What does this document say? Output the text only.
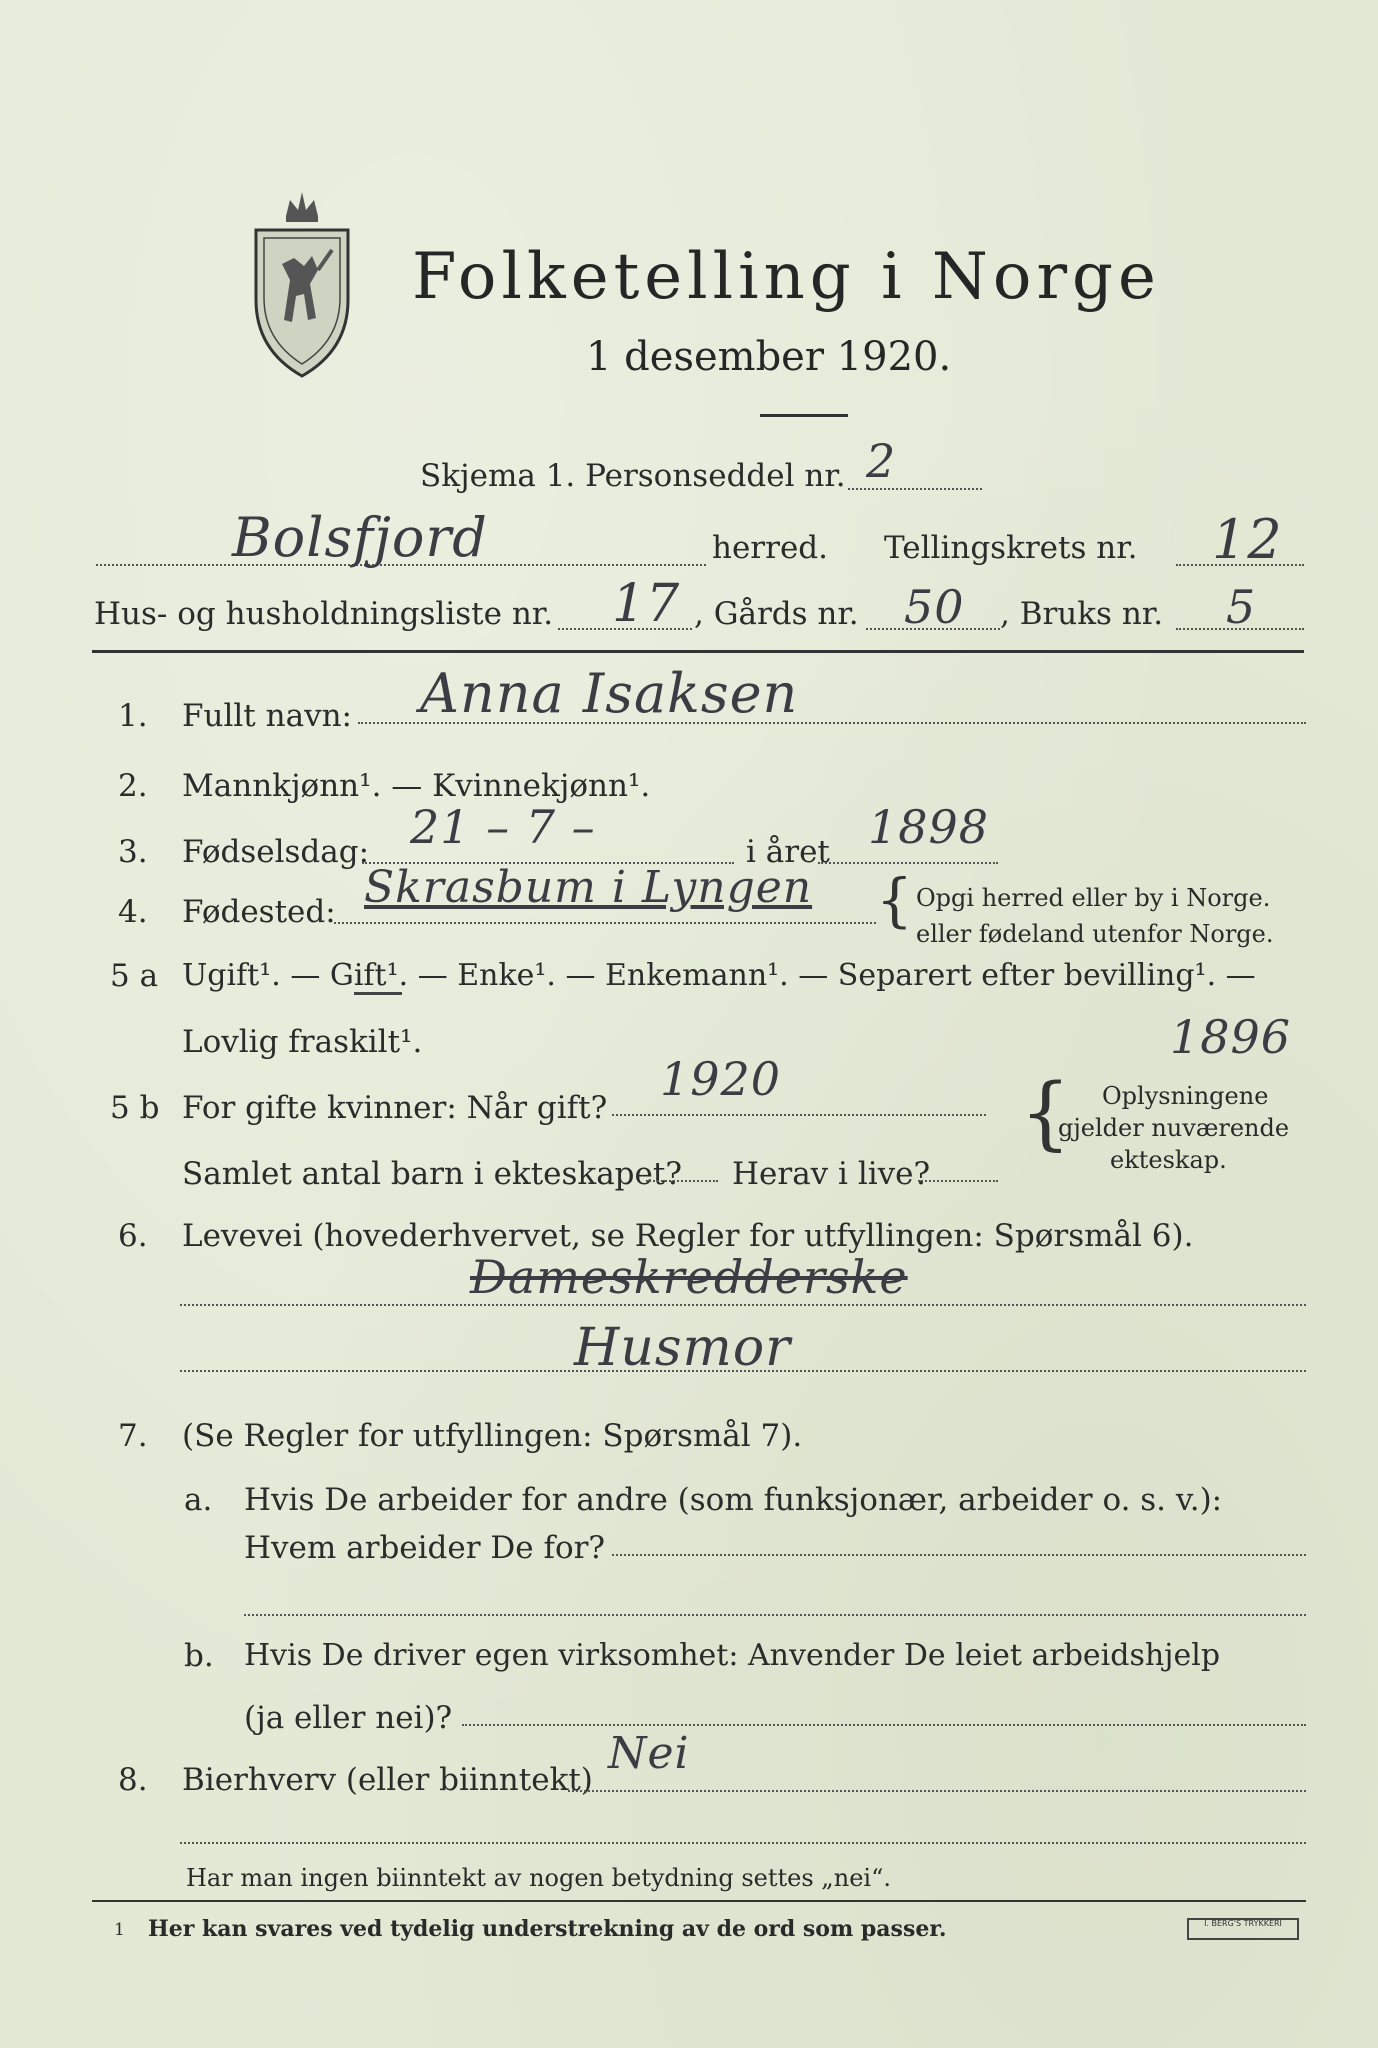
Folketelling i Norge
1 desember 1920.
Skjema 1. Personseddel nr. 2
Bolsfjord	herred. Tellingskrets nr. 12
Hus- og husholdningsliste nr. 17 , Gårds nr. 50 , Bruks nr. 5
1. Fullt navn: Anna Isaksen
2. Mannkjønn¹. — Kvinnekjønn¹.
3. Fødselsdag: 21 – 7 –	i året 1898
4. Fødested: Skrasbum i Lyngen { Opgi herred eller by i Norge.
eller fødeland utenfor Norge.
5 a Ugift¹. — Gift¹. — Enke¹. — Enkemann¹. — Separert efter bevilling¹. —
Lovlig fraskilt¹.	1896
5 b For gifte kvinner: Når gift?
1920
Samlet antal barn i ekteskapet? Herav i live?
{ Oplysningene
gjelder nuværende
ekteskap.
6. Levevei (hovederhvervet, se Regler for utfyllingen: Spørsmål 6).
Dameskredderske
Husmor
7. (Se Regler for utfyllingen: Spørsmål 7).
a. Hvis De arbeider for andre (som funksjonær, arbeider o. s. v.):
Hvem arbeider De for?
b. Hvis De driver egen virksomhet: Anvender De leiet arbeidshjelp
(ja eller nei)?
8. Bierhverv (eller biinntekt)
Nei
Har man ingen biinntekt av nogen betydning settes „nei“.
1 Her kan svares ved tydelig understrekning av de ord som passer.	I. BERG'S TRYKKERI
